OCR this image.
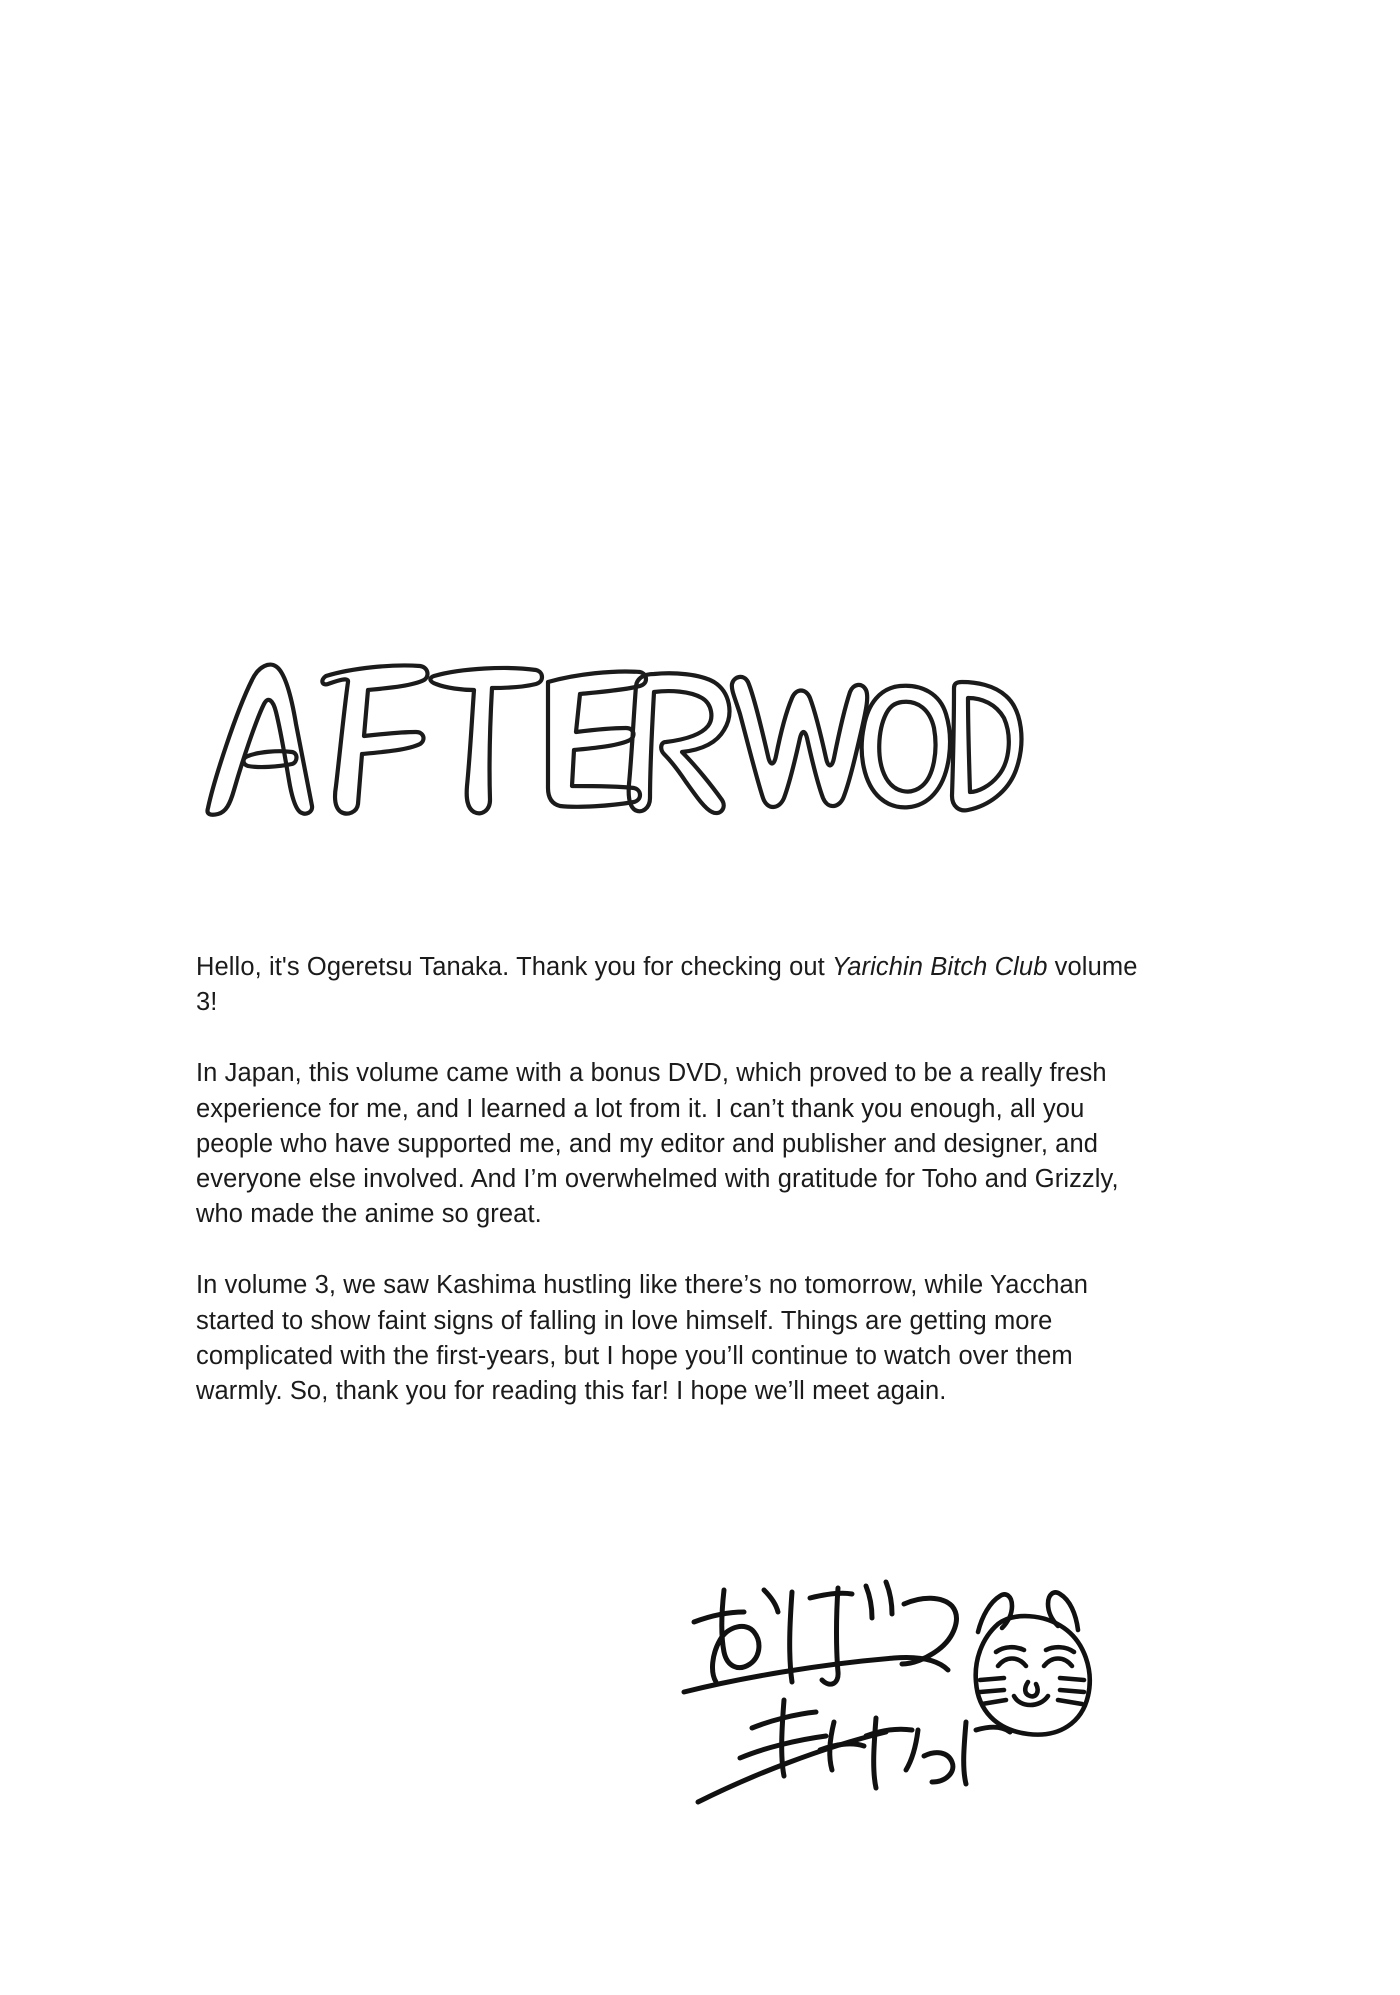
Hello, it's Ogeretsu Tanaka. Thank you for checking out Yarichin Bitch Club volume 3!

In Japan, this volume came with a bonus DVD, which proved to be a really fresh experience for me, and I learned a lot from it. I can’t thank you enough, all you people who have supported me, and my editor and publisher and designer, and everyone else involved. And I’m overwhelmed with gratitude for Toho and Grizzly, who made the anime so great.

In volume 3, we saw Kashima hustling like there’s no tomorrow, while Yacchan started to show faint signs of falling in love himself. Things are getting more complicated with the first-years, but I hope you’ll continue to watch over them warmly. So, thank you for reading this far! I hope we’ll meet again.
